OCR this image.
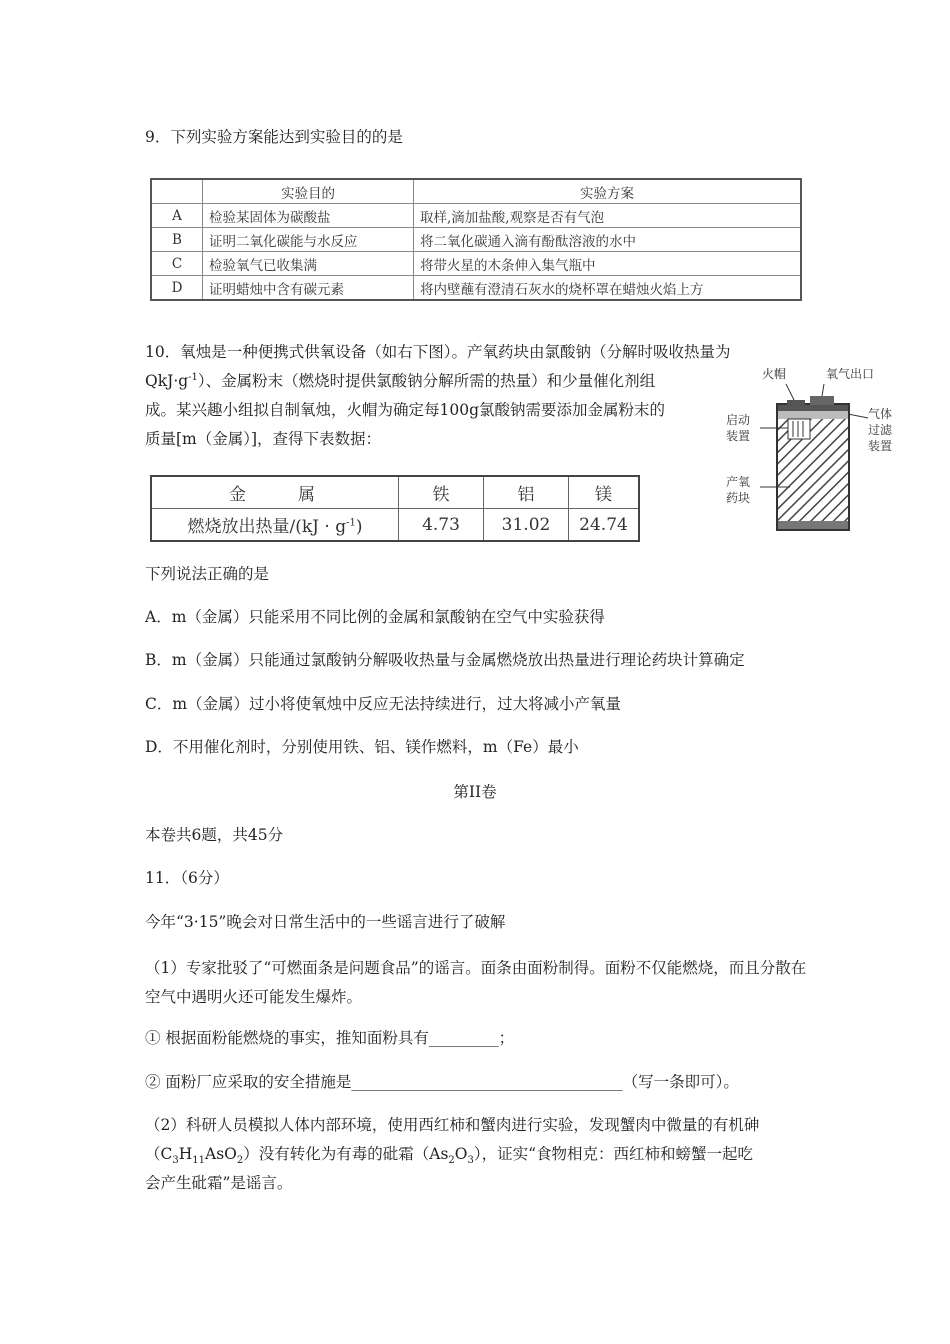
9．下列实验方案能达到实验目的的是
	实验目的	实验方案
A	检验某固体为碳酸盐	取样,滴加盐酸,观察是否有气泡
B	证明二氧化碳能与水反应	将二氧化碳通入滴有酚酞溶液的水中
C	检验氧气已收集满	将带火星的木条伸入集气瓶中
D	证明蜡烛中含有碳元素	将内壁蘸有澄清石灰水的烧杯罩在蜡烛火焰上方
10．氧烛是一种便携式供氧设备（如右下图）。产氧药块由氯酸钠（分解时吸收热量为
$QkJ\cdot g^{-1}$）、金属粉末（燃烧时提供氯酸钠分解所需的热量）和少量催化剂组
成。某兴趣小组拟自制氧烛，火帽为确定每100g氯酸钠需要添加金属粉末的
质量[m（金属）]，查得下表数据：
金　　属	铁	铝	镁
燃烧放出热量$/(kJ \cdot g^{-1})$	4.73	31.02	24.74
火帽	氧气出口
启动
装置
气体
过滤
装置
产氧
药块
下列说法正确的是
A．m（金属）只能采用不同比例的金属和氯酸钠在空气中实验获得
B．m（金属）只能通过氯酸钠分解吸收热量与金属燃烧放出热量进行理论药块计算确定
C．m（金属）过小将使氧烛中反应无法持续进行，过大将减小产氧量
D．不用催化剂时，分别使用铁、铝、镁作燃料，m（Fe）最小
第II卷
本卷共6题，共45分
11．（6分）
今年“3·15”晚会对日常生活中的一些谣言进行了破解
（1）专家批驳了“可燃面条是问题食品”的谣言。面条由面粉制得。面粉不仅能燃烧，而且分散在空气中遇明火还可能发生爆炸。
① 根据面粉能燃烧的事实，推知面粉具有_________；
② 面粉厂应采取的安全措施是___________________________________（写一条即可）。
（2）科研人员模拟人体内部环境，使用西红柿和蟹肉进行实验，发现蟹肉中微量的有机砷
$(C_3H_{11}AsO_2)$没有转化为有毒的砒霜$(As_2O_3)$，证实“食物相克：西红柿和螃蟹一起吃
会产生砒霜”是谣言。
